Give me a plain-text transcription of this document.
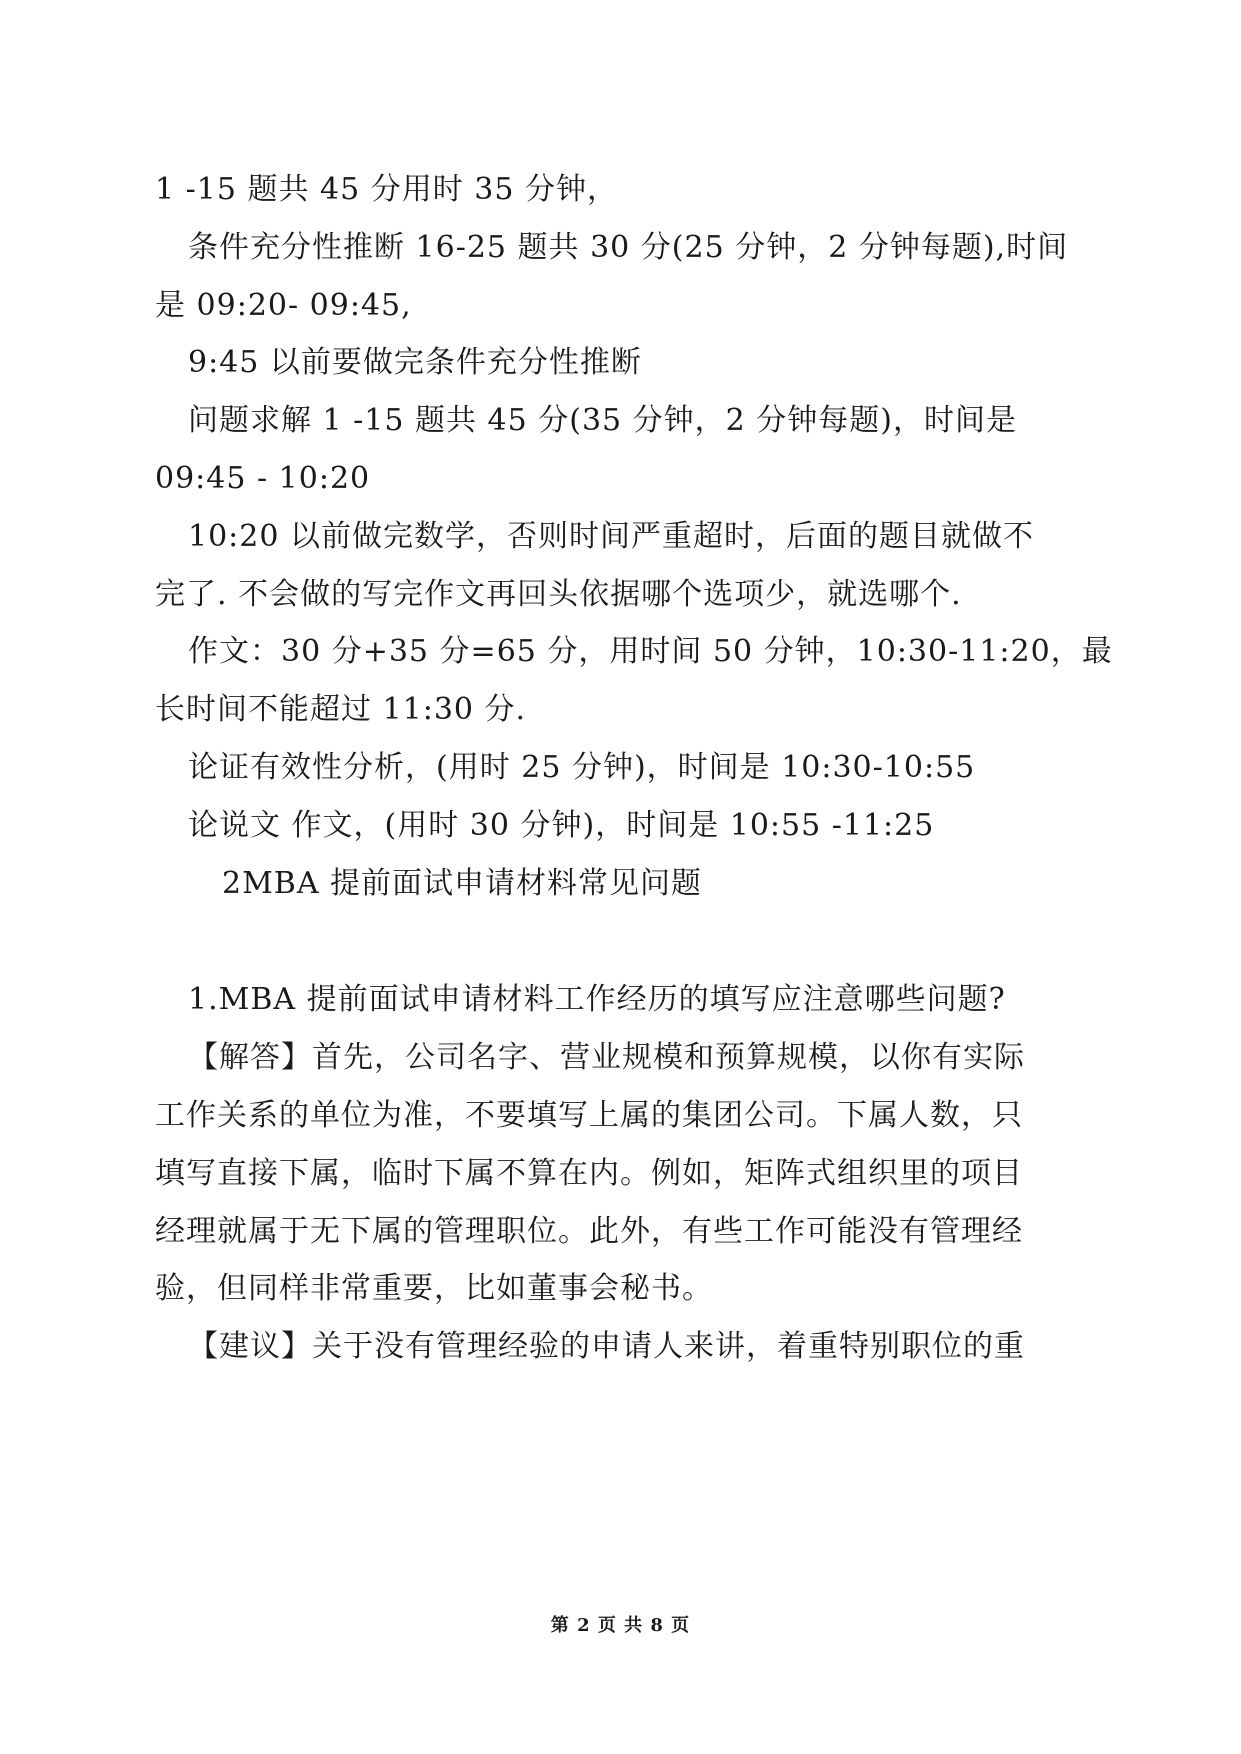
1 -15 题共 45 分用时 35 分钟，
条件充分性推断 16-25 题共 30 分(25 分钟，2 分钟每题),时间
是 09:20- 09:45,
9:45 以前要做完条件充分性推断
问题求解 1 -15 题共 45 分(35 分钟，2 分钟每题)，时间是
09:45 - 10:20
10:20 以前做完数学，否则时间严重超时，后面的题目就做不
完了. 不会做的写完作文再回头依据哪个选项少，就选哪个.
作文：30 分+35 分=65 分，用时间 50 分钟，10:30-11:20，最
长时间不能超过 11:30 分.
论证有效性分析，(用时 25 分钟)，时间是 10:30-10:55
论说文 作文，(用时 30 分钟)，时间是 10:55 -11:25
2MBA 提前面试申请材料常见问题
1.MBA 提前面试申请材料工作经历的填写应注意哪些问题?
【解答】首先，公司名字、营业规模和预算规模，以你有实际
工作关系的单位为准，不要填写上属的集团公司。下属人数，只
填写直接下属，临时下属不算在内。例如，矩阵式组织里的项目
经理就属于无下属的管理职位。此外，有些工作可能没有管理经
验，但同样非常重要，比如董事会秘书。
【建议】关于没有管理经验的申请人来讲，着重特别职位的重
第 2 页 共 8 页
